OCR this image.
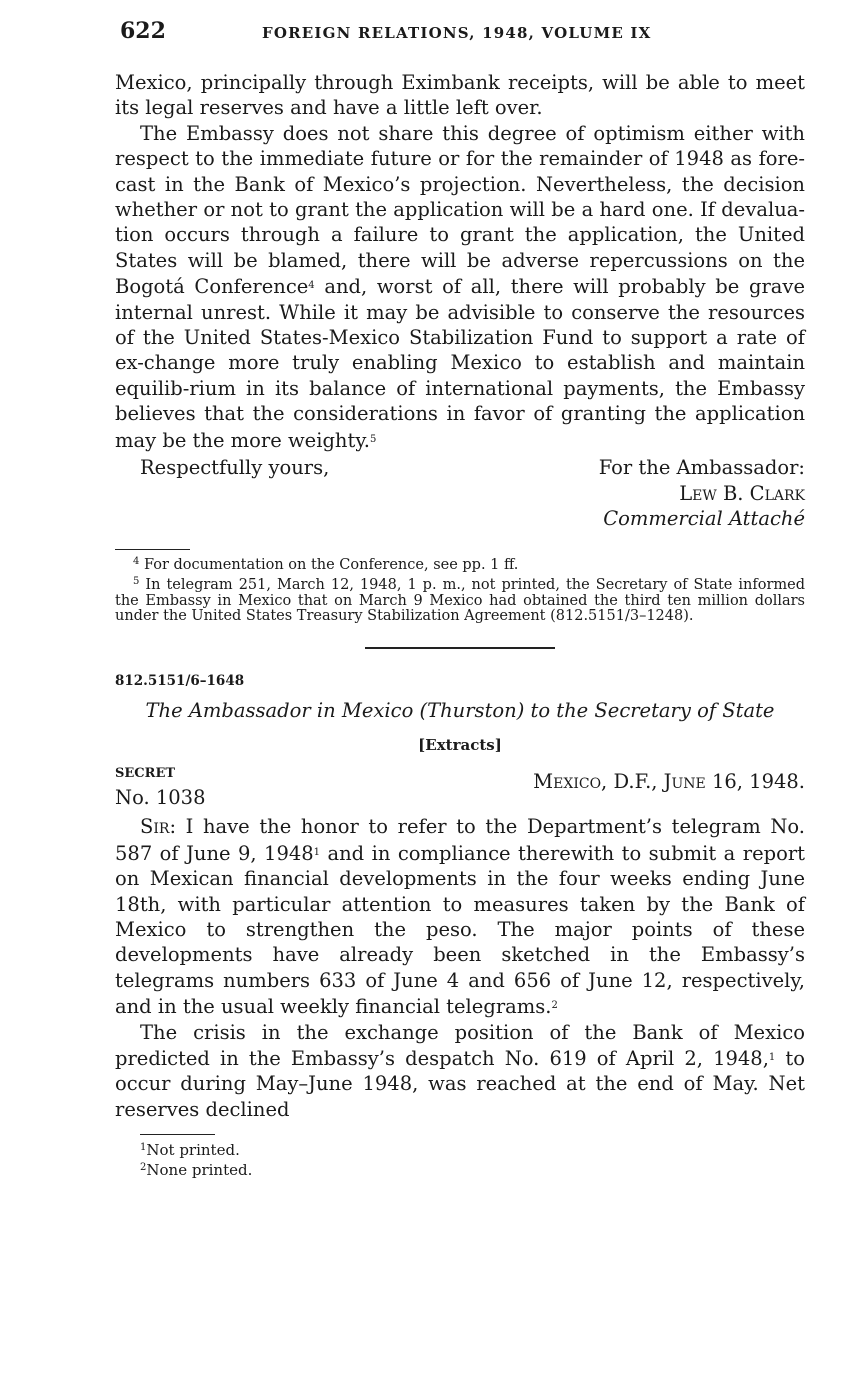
622	FOREIGN RELATIONS, 1948, VOLUME IX

Mexico, principally through Eximbank receipts, will be able to meet its legal reserves and have a little left over.

The Embassy does not share this degree of optimism either with respect to the immediate future or for the remainder of 1948 as fore-cast in the Bank of Mexico’s projection. Nevertheless, the decision whether or not to grant the application will be a hard one. If devalua-tion occurs through a failure to grant the application, the United States will be blamed, there will be adverse repercussions on the Bogotá Conference$^4$ and, worst of all, there will probably be grave internal unrest. While it may be advisible to conserve the resources of the United States-Mexico Stabilization Fund to support a rate of ex-change more truly enabling Mexico to establish and maintain equilib-rium in its balance of international payments, the Embassy believes that the considerations in favor of granting the application may be the more weighty.$^5$

Respectfully yours,	For the Ambassador:
Lew B. Clark
Commercial Attaché

$^4$ For documentation on the Conference, see pp. 1 ff.

$^5$ In telegram 251, March 12, 1948, 1 p. m., not printed, the Secretary of State informed the Embassy in Mexico that on March 9 Mexico had obtained the third ten million dollars under the United States Treasury Stabilization Agreement (812.5151/3–1248).

812.5151/6–1648
The Ambassador in Mexico (Thurston) to the Secretary of State
[Extracts]
SECRET
No. 1038
Mexico, D.F., June 16, 1948.

Sir: I have the honor to refer to the Department’s telegram No. 587 of June 9, 1948$^1$ and in compliance therewith to submit a report on Mexican financial developments in the four weeks ending June 18th, with particular attention to measures taken by the Bank of Mexico to strengthen the peso. The major points of these developments have already been sketched in the Embassy’s telegrams numbers 633 of June 4 and 656 of June 12, respectively, and in the usual weekly financial telegrams.$^2$

The crisis in the exchange position of the Bank of Mexico predicted in the Embassy’s despatch No. 619 of April 2, 1948,$^1$ to occur during May–June 1948, was reached at the end of May. Net reserves declined

$^1$Not printed.

$^2$None printed.
